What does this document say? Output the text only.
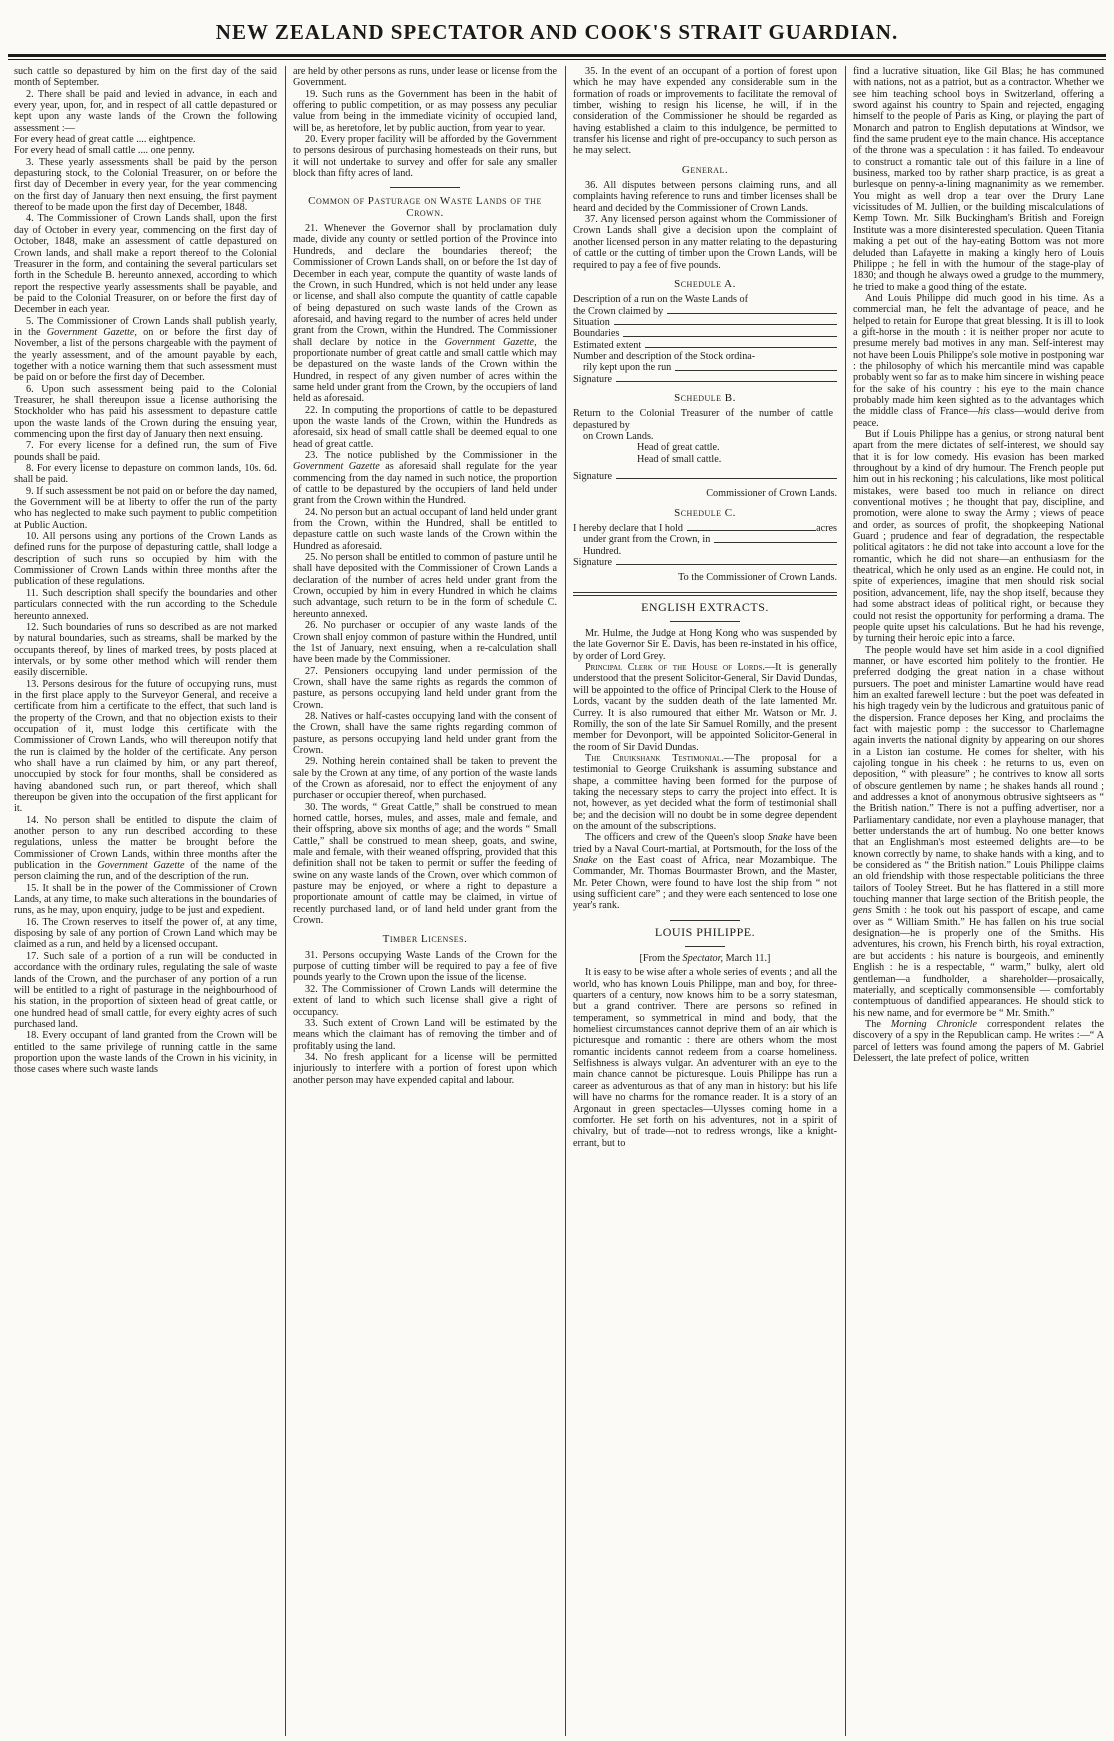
NEW ZEALAND SPECTATOR AND COOK'S STRAIT GUARDIAN.

such cattle so depastured by him on the first day of the said month of September.

2. There shall be paid and levied in advance, in each and every year, upon, for, and in respect of all cattle depastured or kept upon any waste lands of the Crown the following assessment :—

For every head of great cattle .... eightpence.

For every head of small cattle .... one penny.

3. These yearly assessments shall be paid by the person depasturing stock, to the Colonial Treasurer, on or before the first day of December in every year, for the year commencing on the first day of January then next ensuing, the first payment thereof to be made upon the first day of December, 1848.

4. The Commissioner of Crown Lands shall, upon the first day of October in every year, commencing on the first day of October, 1848, make an assessment of cattle depastured on Crown lands, and shall make a report thereof to the Colonial Treasurer in the form, and containing the several particulars set forth in the Schedule B. hereunto annexed, according to which report the respective yearly assessments shall be payable, and be paid to the Colonial Treasurer, on or before the first day of December in each year.

5. The Commissioner of Crown Lands shall publish yearly, in the Government Gazette, on or before the first day of November, a list of the persons chargeable with the payment of the yearly assessment, and of the amount payable by each, together with a notice warning them that such assessment must be paid on or before the first day of December.

6. Upon such assessment being paid to the Colonial Treasurer, he shall thereupon issue a license authorising the Stockholder who has paid his assessment to depasture cattle upon the waste lands of the Crown during the ensuing year, commencing upon the first day of January then next ensuing.

7. For every license for a defined run, the sum of Five pounds shall be paid.

8. For every license to depasture on common lands, 10s. 6d. shall be paid.

9. If such assessment be not paid on or before the day named, the Government will be at liberty to offer the run of the party who has neglected to make such payment to public competition at Public Auction.

10. All persons using any portions of the Crown Lands as defined runs for the purpose of depasturing cattle, shall lodge a description of such runs so occupied by him with the Commissioner of Crown Lands within three months after the publication of these regulations.

11. Such description shall specify the boundaries and other particulars connected with the run according to the Schedule hereunto annexed.

12. Such boundaries of runs so described as are not marked by natural boundaries, such as streams, shall be marked by the occupants thereof, by lines of marked trees, by posts placed at intervals, or by some other method which will render them easily discernible.

13. Persons desirous for the future of occupying runs, must in the first place apply to the Surveyor General, and receive a certificate from him a certificate to the effect, that such land is the property of the Crown, and that no objection exists to their occupation of it, must lodge this certificate with the Commissioner of Crown Lands, who will thereupon notify that the run is claimed by the holder of the certificate. Any person who shall have a run claimed by him, or any part thereof, unoccupied by stock for four months, shall be considered as having abandoned such run, or part thereof, which shall thereupon be given into the occupation of the first applicant for it.

14. No person shall be entitled to dispute the claim of another person to any run described according to these regulations, unless the matter be brought before the Commissioner of Crown Lands, within three months after the publication in the Government Gazette of the name of the person claiming the run, and of the description of the run.

15. It shall be in the power of the Commissioner of Crown Lands, at any time, to make such alterations in the boundaries of runs, as he may, upon enquiry, judge to be just and expedient.

16. The Crown reserves to itself the power of, at any time, disposing by sale of any portion of Crown Land which may be claimed as a run, and held by a licensed occupant.

17. Such sale of a portion of a run will be conducted in accordance with the ordinary rules, regulating the sale of waste lands of the Crown, and the purchaser of any portion of a run will be entitled to a right of pasturage in the neighbourhood of his station, in the proportion of sixteen head of great cattle, or one hundred head of small cattle, for every eighty acres of such purchased land.

18. Every occupant of land granted from the Crown will be entitled to the same privilege of running cattle in the same proportion upon the waste lands of the Crown in his vicinity, in those cases where such waste lands

are held by other persons as runs, under lease or license from the Government.

19. Such runs as the Government has been in the habit of offering to public competition, or as may possess any peculiar value from being in the immediate vicinity of occupied land, will be, as heretofore, let by public auction, from year to year.

20. Every proper facility will be afforded by the Government to persons desirous of purchasing homesteads on their runs, but it will not undertake to survey and offer for sale any smaller block than fifty acres of land.

Common of Pasturage on Waste Lands of the Crown.

21. Whenever the Governor shall by proclamation duly made, divide any county or settled portion of the Province into Hundreds, and declare the boundaries thereof; the Commissioner of Crown Lands shall, on or before the 1st day of December in each year, compute the quantity of waste lands of the Crown, in such Hundred, which is not held under any lease or license, and shall also compute the quantity of cattle capable of being depastured on such waste lands of the Crown as aforesaid, and having regard to the number of acres held under grant from the Crown, within the Hundred. The Commissioner shall declare by notice in the Government Gazette, the proportionate number of great cattle and small cattle which may be depastured on the waste lands of the Crown within the Hundred, in respect of any given number of acres within the same held under grant from the Crown, by the occupiers of land held as aforesaid.

22. In computing the proportions of cattle to be depastured upon the waste lands of the Crown, within the Hundreds as aforesaid, six head of small cattle shall be deemed equal to one head of great cattle.

23. The notice published by the Commissioner in the Government Gazette as aforesaid shall regulate for the year commencing from the day named in such notice, the proportion of cattle to be depastured by the occupiers of land held under grant from the Crown within the Hundred.

24. No person but an actual occupant of land held under grant from the Crown, within the Hundred, shall be entitled to depasture cattle on such waste lands of the Crown within the Hundred as aforesaid.

25. No person shall be entitled to common of pasture until he shall have deposited with the Commissioner of Crown Lands a declaration of the number of acres held under grant from the Crown, occupied by him in every Hundred in which he claims such advantage, such return to be in the form of schedule C. hereunto annexed.

26. No purchaser or occupier of any waste lands of the Crown shall enjoy common of pasture within the Hundred, until the 1st of January, next ensuing, when a re-calculation shall have been made by the Commissioner.

27. Pensioners occupying land under permission of the Crown, shall have the same rights as regards the common of pasture, as persons occupying land held under grant from the Crown.

28. Natives or half-castes occupying land with the consent of the Crown, shall have the same rights regarding common of pasture, as persons occupying land held under grant from the Crown.

29. Nothing herein contained shall be taken to prevent the sale by the Crown at any time, of any portion of the waste lands of the Crown as aforesaid, nor to effect the enjoyment of any purchaser or occupier thereof, when purchased.

30. The words, “ Great Cattle,” shall be construed to mean horned cattle, horses, mules, and asses, male and female, and their offspring, above six months of age; and the words “ Small Cattle,” shall be construed to mean sheep, goats, and swine, male and female, with their weaned offspring, provided that this definition shall not be taken to permit or suffer the feeding of swine on any waste lands of the Crown, over which common of pasture may be enjoyed, or where a right to depasture a proportionate amount of cattle may be claimed, in virtue of recently purchased land, or of land held under grant from the Crown.

Timber Licenses.

31. Persons occupying Waste Lands of the Crown for the purpose of cutting timber will be required to pay a fee of five pounds yearly to the Crown upon the issue of the license.

32. The Commissioner of Crown Lands will determine the extent of land to which such license shall give a right of occupancy.

33. Such extent of Crown Land will be estimated by the means which the claimant has of removing the timber and of profitably using the land.

34. No fresh applicant for a license will be permitted injuriously to interfere with a portion of forest upon which another person may have expended capital and labour.

35. In the event of an occupant of a portion of forest upon which he may have expended any considerable sum in the formation of roads or improvements to facilitate the removal of timber, wishing to resign his license, he will, if in the consideration of the Commissioner he should be regarded as having established a claim to this indulgence, be permitted to transfer his license and right of pre-occupancy to such person as he may select.

General.

36. All disputes between persons claiming runs, and all complaints having reference to runs and timber licenses shall be heard and decided by the Commissioner of Crown Lands.

37. Any licensed person against whom the Commissioner of Crown Lands shall give a decision upon the complaint of another licensed person in any matter relating to the depasturing of cattle or the cutting of timber upon the Crown Lands, will be required to pay a fee of five pounds.

Schedule A.
Description of a run on the Waste Lands of
the Crown claimed by
Situation
Boundaries
Estimated extent
Number and description of the Stock ordina-
rily kept upon the run
Signature
Schedule B.
Return to the Colonial Treasurer of the number of cattle depastured by

on Crown Lands.

Head of great cattle.

Head of small cattle.

Signature

Commissioner of Crown Lands.

Schedule C.
I hereby declare that I hold	acres
under grant from the Crown, in

Hundred.

Signature

To the Commissioner of Crown Lands.

ENGLISH EXTRACTS.

Mr. Hulme, the Judge at Hong Kong who was suspended by the late Governor Sir E. Davis, has been re-instated in his office, by order of Lord Grey.

Principal Clerk of the House of Lords.—It is generally understood that the present Solicitor-General, Sir David Dundas, will be appointed to the office of Principal Clerk to the House of Lords, vacant by the sudden death of the late lamented Mr. Currey. It is also rumoured that either Mr. Watson or Mr. J. Romilly, the son of the late Sir Samuel Romilly, and the present member for Devonport, will be appointed Solicitor-General in the room of Sir David Dundas.

The Cruikshank Testimonial.—The proposal for a testimonial to George Cruikshank is assuming substance and shape, a committee having been formed for the purpose of taking the necessary steps to carry the project into effect. It is not, however, as yet decided what the form of testimonial shall be; and the decision will no doubt be in some degree dependent on the amount of the subscriptions.

The officers and crew of the Queen's sloop Snake have been tried by a Naval Court-martial, at Portsmouth, for the loss of the Snake on the East coast of Africa, near Mozambique. The Commander, Mr. Thomas Bourmaster Brown, and the Master, Mr. Peter Chown, were found to have lost the ship from “ not using sufficient care” ; and they were each sentenced to lose one year's rank.

LOUIS PHILIPPE.

[From the Spectator, March 11.]

It is easy to be wise after a whole series of events ; and all the world, who has known Louis Philippe, man and boy, for three-quarters of a century, now knows him to be a sorry statesman, but a grand contriver. There are persons so refined in temperament, so symmetrical in mind and body, that the homeliest circumstances cannot deprive them of an air which is picturesque and romantic : there are others whom the most romantic incidents cannot redeem from a coarse homeliness. Selfishness is always vulgar. An adventurer with an eye to the main chance cannot be picturesque. Louis Philippe has run a career as adventurous as that of any man in history: but his life will have no charms for the romance reader. It is a story of an Argonaut in green spectacles—Ulysses coming home in a comforter. He set forth on his adventures, not in a spirit of chivalry, but of trade—not to redress wrongs, like a knight-errant, but to

find a lucrative situation, like Gil Blas; he has communed with nations, not as a patriot, but as a contractor. Whether we see him teaching school boys in Switzerland, offering a sword against his country to Spain and rejected, engaging himself to the people of Paris as King, or playing the part of Monarch and patron to English deputations at Windsor, we find the same prudent eye to the main chance. His acceptance of the throne was a speculation : it has failed. To endeavour to construct a romantic tale out of this failure in a line of business, marked too by rather sharp practice, is as great a burlesque on penny-a-lining magnanimity as we remember. You might as well drop a tear over the Drury Lane vicissitudes of M. Jullien, or the building miscalculations of Kemp Town. Mr. Silk Buckingham's British and Foreign Institute was a more disinterested speculation. Queen Titania making a pet out of the hay-eating Bottom was not more deluded than Lafayette in making a kingly hero of Louis Philippe ; he fell in with the humour of the stage-play of 1830; and though he always owed a grudge to the mummery, he tried to make a good thing of the estate.

And Louis Philippe did much good in his time. As a commercial man, he felt the advantage of peace, and he helped to retain for Europe that great blessing. It is ill to look a gift-horse in the mouth : it is neither proper nor acute to presume merely bad motives in any man. Self-interest may not have been Louis Philippe's sole motive in postponing war : the philosophy of which his mercantile mind was capable probably went so far as to make him sincere in wishing peace for the sake of his country : his eye to the main chance probably made him keen sighted as to the advantages which the middle class of France—his class—would derive from peace.

But if Louis Philippe has a genius, or strong natural bent apart from the mere dictates of self-interest, we should say that it is for low comedy. His evasion has been marked throughout by a kind of dry humour. The French people put him out in his reckoning ; his calculations, like most political mistakes, were based too much in reliance on direct conventional motives ; he thought that pay, discipline, and promotion, were alone to sway the Army ; views of peace and order, as sources of profit, the shopkeeping National Guard ; prudence and fear of degradation, the respectable political agitators : he did not take into account a love for the romantic, which he did not share—an enthusiasm for the theatrical, which he only used as an engine. He could not, in spite of experiences, imagine that men should risk social position, advancement, life, nay the shop itself, because they had some abstract ideas of political right, or because they could not resist the opportunity for performing a drama. The people quite upset his calculations. But he had his revenge, by turning their heroic epic into a farce.

The people would have set him aside in a cool dignified manner, or have escorted him politely to the frontier. He preferred dodging the great nation in a chase without pursuers. The poet and minister Lamartine would have read him an exalted farewell lecture : but the poet was defeated in his high tragedy vein by the ludicrous and gratuitous panic of the dispersion. France deposes her King, and proclaims the fact with majestic pomp : the successor to Charlemagne again inverts the national dignity by appearing on our shores in a Liston ian costume. He comes for shelter, with his cajoling tongue in his cheek : he returns to us, even on deposition, “ with pleasure” ; he contrives to know all sorts of obscure gentlemen by name ; he shakes hands all round ; and addresses a knot of anonymous obtrusive sightseers as “ the British nation.” There is not a puffing advertiser, nor a Parliamentary candidate, nor even a playhouse manager, that better understands the art of humbug. No one better knows that an Englishman's most esteemed delights are—to be known correctly by name, to shake hands with a king, and to be considered as “ the British nation.” Louis Philippe claims an old friendship with those respectable politicians the three tailors of Tooley Street. But he has flattered in a still more touching manner that large section of the British people, the gens Smith : he took out his passport of escape, and came over as “ William Smith.” He has fallen on his true social designation—he is properly one of the Smiths. His adventures, his crown, his French birth, his royal extraction, are but accidents : his nature is bourgeois, and eminently English : he is a respectable, “ warm,” bulky, alert old gentleman—a fundholder, a shareholder—prosaically, materially, and sceptically commonsensible — comfortably contemptuous of dandified appearances. He should stick to his new name, and for evermore be “ Mr. Smith.”

The Morning Chronicle correspondent relates the discovery of a spy in the Republican camp. He writes :—“ A parcel of letters was found among the papers of M. Gabriel Delessert, the late prefect of police, written
